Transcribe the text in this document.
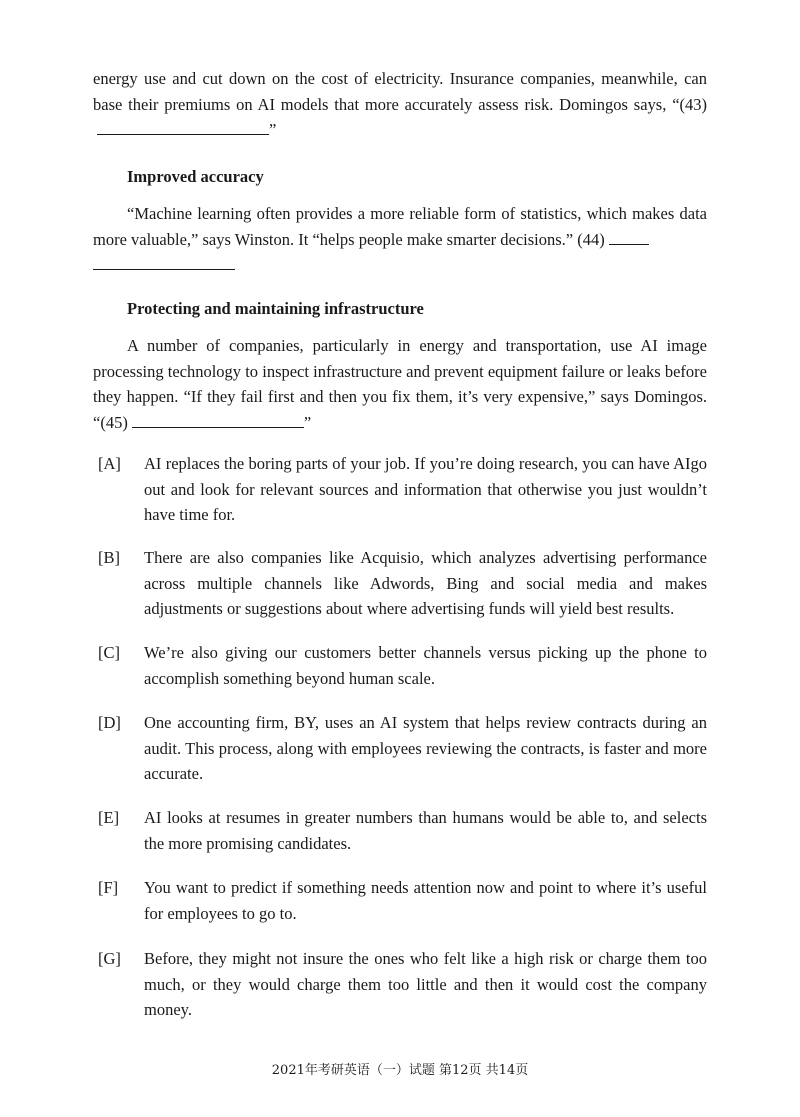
energy use and cut down on the cost of electricity. Insurance companies, meanwhile, can base their premiums on AI models that more accurately assess risk. Domingos says, “(43)”

Improved accuracy

“Machine learning often provides a more reliable form of statistics, which makes data more valuable,” says Winston. It “helps people make smarter decisions.” (44)

Protecting and maintaining infrastructure

A number of companies, particularly in energy and transportation, use AI image processing technology to inspect infrastructure and prevent equipment failure or leaks before they happen. “If they fail first and then you fix them, it’s very expensive,” says Domingos. “(45)	”

[A]	AI replaces the boring parts of your job. If you’re doing research, you can have AIgo out and look for relevant sources and information that otherwise you just wouldn’t have time for.
[B]	There are also companies like Acquisio, which analyzes advertising performance across multiple channels like Adwords, Bing and social media and makes adjustments or suggestions about where advertising funds will yield best results.
[C]	We’re also giving our customers better channels versus picking up the phone to accomplish something beyond human scale.
[D]	One accounting firm, BY, uses an AI system that helps review contracts during an audit. This process, along with employees reviewing the contracts, is faster and more accurate.
[E]	AI looks at resumes in greater numbers than humans would be able to, and selects the more promising candidates.
[F]	You want to predict if something needs attention now and point to where it’s useful for employees to go to.
[G]	Before, they might not insure the ones who felt like a high risk or charge them too much, or they would charge them too little and then it would cost the company money.
2021年考研英语（一）试题 第12页 共14页
